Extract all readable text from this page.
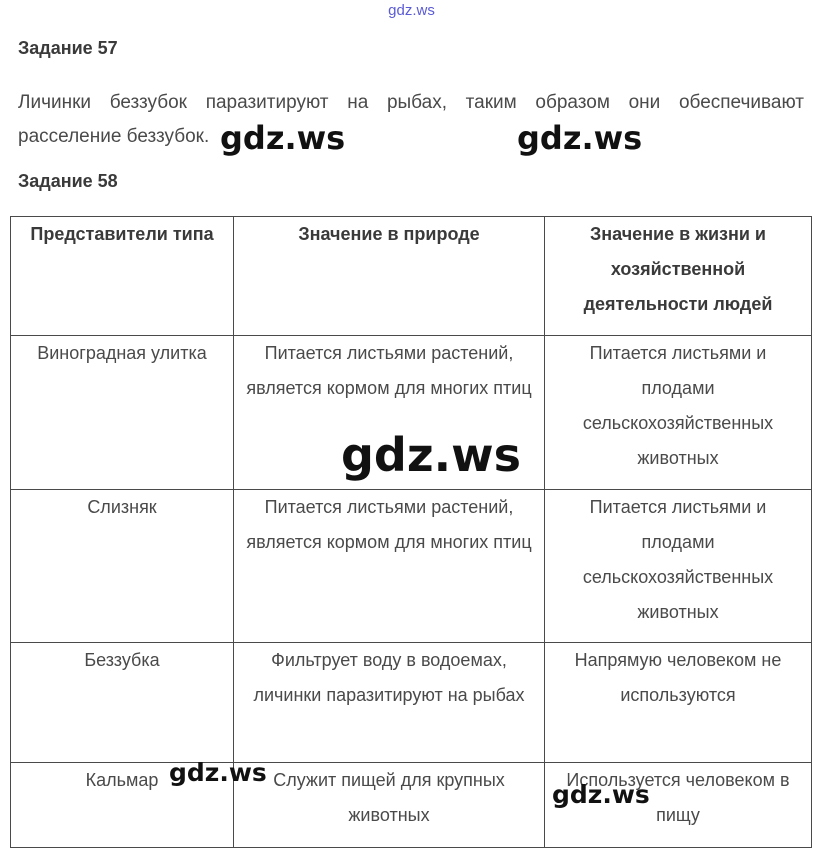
gdz.ws
Задание 57
Личинки беззубок паразитируют на рыбах, таким образом они обеспечивают расселение беззубок.
Задание 58
Представители типа	Значение в природе	Значение в жизни и хозяйственной деятельности людей
Виноградная улитка	Питается листьями растений, является кормом для многих птиц	Питается листьями и плодами сельскохозяйственных животных
Слизняк	Питается листьями растений, является кормом для многих птиц	Питается листьями и плодами сельскохозяйственных животных
Беззубка	Фильтрует воду в водоемах, личинки паразитируют на рыбах	Напрямую человеком не используются
Кальмар	Служит пищей для крупных животных	Используется человеком в пищу
gdz.ws	gdz.ws
gdz.ws
gdz.ws
gdz.ws
